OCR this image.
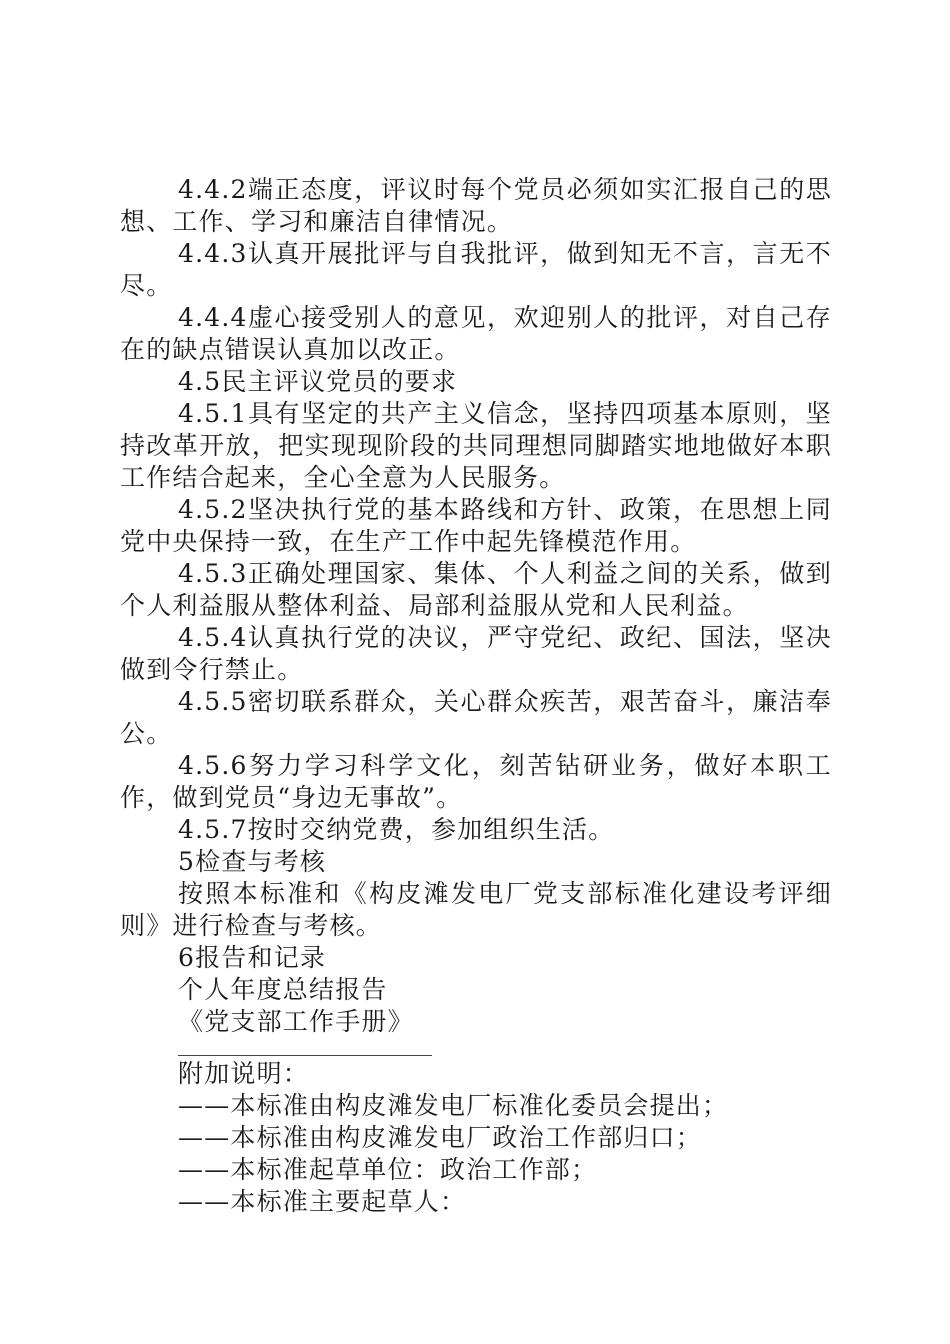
4.4.2端正态度，评议时每个党员必须如实汇报自己的思想、工作、学习和廉洁自律情况。

4.4.3认真开展批评与自我批评，做到知无不言，言无不尽。

4.4.4虚心接受别人的意见，欢迎别人的批评，对自己存在的缺点错误认真加以改正。

4.5民主评议党员的要求

4.5.1具有坚定的共产主义信念，坚持四项基本原则，坚持改革开放，把实现现阶段的共同理想同脚踏实地地做好本职工作结合起来，全心全意为人民服务。

4.5.2坚决执行党的基本路线和方针、政策，在思想上同党中央保持一致，在生产工作中起先锋模范作用。

4.5.3正确处理国家、集体、个人利益之间的关系，做到个人利益服从整体利益、局部利益服从党和人民利益。

4.5.4认真执行党的决议，严守党纪、政纪、国法，坚决做到令行禁止。

4.5.5密切联系群众，关心群众疾苦，艰苦奋斗，廉洁奉公。

4.5.6努力学习科学文化，刻苦钻研业务，做好本职工作，做到党员“身边无事故”。

4.5.7按时交纳党费，参加组织生活。

5检查与考核

按照本标准和《构皮滩发电厂党支部标准化建设考评细则》进行检查与考核。

6报告和记录

个人年度总结报告

《党支部工作手册》

附加说明：

——本标准由构皮滩发电厂标准化委员会提出；

——本标准由构皮滩发电厂政治工作部归口；

——本标准起草单位：政治工作部；

——本标准主要起草人：
